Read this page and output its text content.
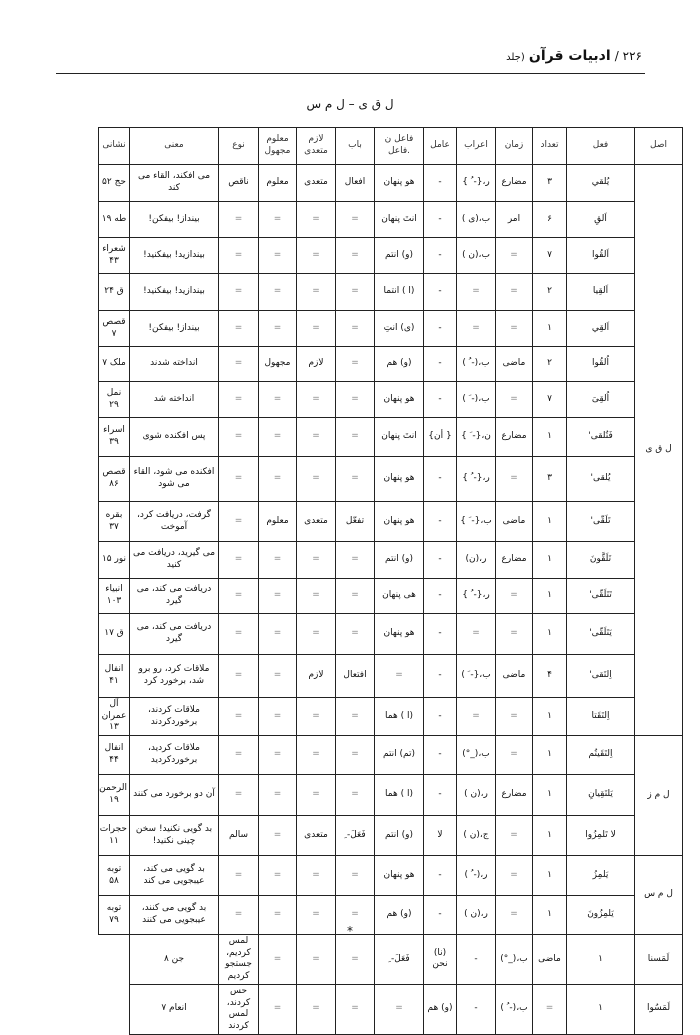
۲۲۶ / ادبیات قرآن (جلد
ل ق ی – ل م س
اصل	فعل	تعداد	زمان	اعراب	عامل	فاعل ن .فاعل	باب	لازم متعدی	معلوم مجهول	نوع	معنی	نشانی
ل ق ی	يُلقي	۳	مضارع	ر،{- ُ }	-	هو پنهان	افعال	متعدی	معلوم	ناقص	می افکند، القاء می کند	حج ۵۲
	اَلقِ	۶	امر	ب،(ی )	-	انتَ پنهان	=	=	=	=	بینداز! بیفکن!	طه ۱۹
	اَلقُوا	۷	=	ب،(ن )	-	(و) انتم	=	=	=	=	بیندازید! بیفکنید!	شعراء ۴۳
	اَلقِيا	۲	=	=	-	(ا ) انتما	=	=	=	=	بیندازید! بیفکنید!	ق ۲۴
	اَلقِي	۱	=	=	-	(ی) انتِ	=	=	=	=	بینداز! بیفکن!	قصص ۷
	اُلقُوا	۲	ماضی	ب،(- ُ )	-	(و) هم	=	لازم	مجهول	=	انداخته شدند	ملک ۷
	اُلقِیَ	۷	=	ب،(- َ )	-	هو پنهان	=	=	=	=	انداخته شد	نمل ۲۹
	فَتُلقى'	۱	مضارع	ن،{- َ }	{ أن}	انتَ پنهان	=	=	=	=	پس افکنده شوی	اسراء ۳۹
	یُلقی'	۳	=	ر،{- ُ }	-	هو پنهان	=	=	=	=	افکنده می شود، القاء می شود	قصص ۸۶
	تَلَقّی'	۱	ماضی	ب،{- َ }	-	هو پنهان	تفعّل	متعدی	معلوم	=	گرفت، دریافت کرد، آموخت	بقره ۳۷
	تَلَقَّونَ	۱	مضارع	ر،(ن)	-	(و) انتم	=	=	=	=	می گیرید، دریافت می کنید	نور ۱۵
	تَتَلَقّی'	۱	=	ر،{- ُ }	-	هی پنهان	=	=	=	=	دریافت می کند، می گیرد	انبیاء ۱۰۳
	يَتَلَقّی'	۱	=	=	-	هو پنهان	=	=	=	=	دریافت می کند، می گیرد	ق ۱۷
	اِلتَقی'	۴	ماضی	ب،{- َ )	-	=	افتعال	لازم	=	=	ملاقات کرد، رو برو شد، برخورد کرد	انفال ۴۱
	اِلتَقَتا	۱	=	=	-	(ا ) هما	=	=	=	=	ملاقات کردند، برخوردکردند	آل عمران ۱۳
ل م ز	اِلتَقَیتُم	۱	=	ب،(_°)	-	(تم) انتم	=	=	=	=	ملاقات کردید، برخوردکردید	انفال ۴۴
	يَلتَقِيانِ	۱	مضارع	ر،(ن )	-	(ا ) هما	=	=	=	=	آن دو برخورد می کنند	الرحمن ۱۹
	لا تَلمِزُوا	۱	=	ج،(ن )	لا	(و) انتم	فَعَلَ- ِ	متعدی	=	سالم	بد گویی نکنید! سخن چینی نکنید!	حجرات ۱۱
ل م س	يَلمِزُ	۱	=	ر،(- ُ )	-	هو پنهان	=	=	=	=	بد گویی می کند، عیبجویی می کند	توبه ۵۸
	يَلمِزُونَ	۱	=	ر،(ن )	-	(و) هم	=	=	=	=	بد گویی می کنند، عیبجویی می کنند	توبه ۷۹
لَمَسنا	۱	ماضی	ب،(_°)	-	(نا) نحن	فَعَلَ- ِ	=	=	=	لمس کردیم، جستجو کردیم	جن ۸	
لَمَسُوا	۱	=	ب،(- ُ )	-	(و) هم	=	=	=	=	حس کردند، لمس کردند	انعام ۷	
*
